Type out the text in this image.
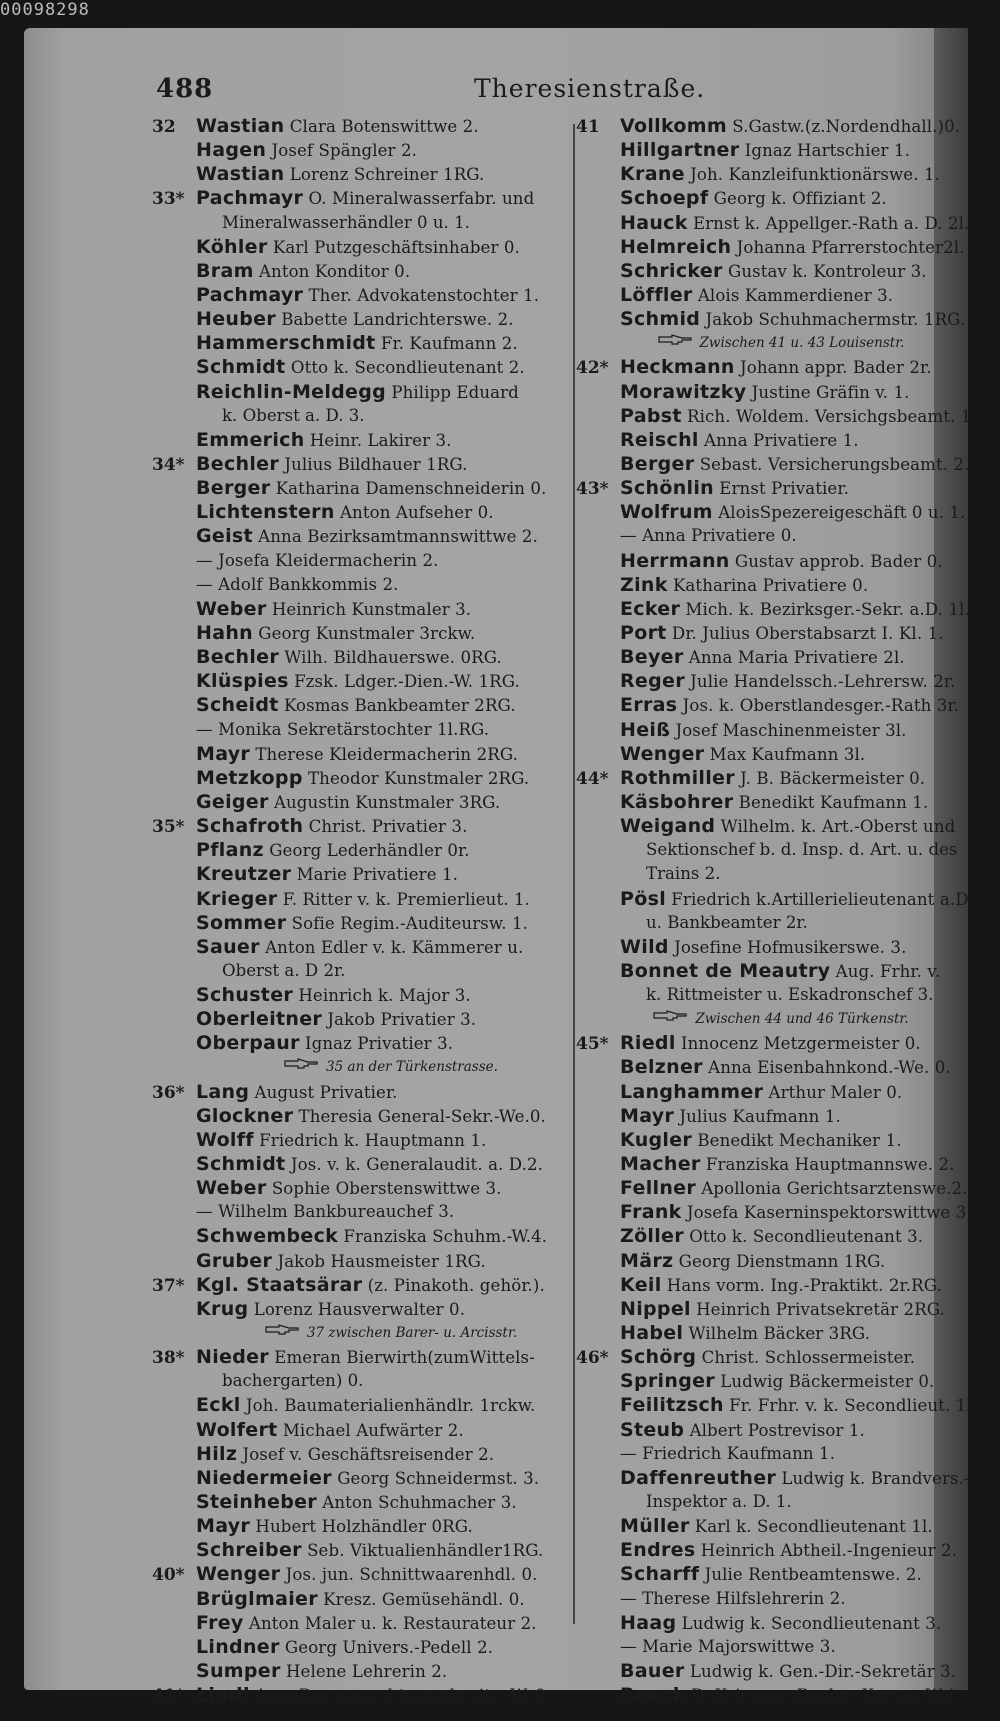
00098298
488	Theresienstraße.
32 Wastian Clara Botenswittwe 2.
Hagen Josef Spängler 2.
Wastian Lorenz Schreiner 1RG.
33* Pachmayr O. Mineralwasserfabr. und
Mineralwasserhändler 0 u. 1.
Köhler Karl Putzgeschäftsinhaber 0.
Bram Anton Konditor 0.
Pachmayr Ther. Advokatenstochter 1.
Heuber Babette Landrichterswe. 2.
Hammerschmidt Fr. Kaufmann 2.
Schmidt Otto k. Secondlieutenant 2.
Reichlin-Meldegg Philipp Eduard
k. Oberst a. D. 3.
Emmerich Heinr. Lakirer 3.
34* Bechler Julius Bildhauer 1RG.
Berger Katharina Damenschneiderin 0.
Lichtenstern Anton Aufseher 0.
Geist Anna Bezirksamtmannswittwe 2.
— Josefa Kleidermacherin 2.
— Adolf Bankkommis 2.
Weber Heinrich Kunstmaler 3.
Hahn Georg Kunstmaler 3rckw.
Bechler Wilh. Bildhauerswe. 0RG.
Klüspies Fzsk. Ldger.-Dien.-W. 1RG.
Scheidt Kosmas Bankbeamter 2RG.
— Monika Sekretärstochter 1l.RG.
Mayr Therese Kleidermacherin 2RG.
Metzkopp Theodor Kunstmaler 2RG.
Geiger Augustin Kunstmaler 3RG.
35* Schafroth Christ. Privatier 3.
Pflanz Georg Lederhändler 0r.
Kreutzer Marie Privatiere 1.
Krieger F. Ritter v. k. Premierlieut. 1.
Sommer Sofie Regim.-Auditeursw. 1.
Sauer Anton Edler v. k. Kämmerer u.
Oberst a. D 2r.
Schuster Heinrich k. Major 3.
Oberleitner Jakob Privatier 3.
Oberpaur Ignaz Privatier 3.
35 an der Türkenstrasse.
36* Lang August Privatier.
Glockner Theresia General-Sekr.-We.0.
Wolff Friedrich k. Hauptmann 1.
Schmidt Jos. v. k. Generalaudit. a. D.2.
Weber Sophie Oberstenswittwe 3.
— Wilhelm Bankbureauchef 3.
Schwembeck Franziska Schuhm.-W.4.
Gruber Jakob Hausmeister 1RG.
37* Kgl. Staatsärar (z. Pinakoth. gehör.).
Krug Lorenz Hausverwalter 0.
37 zwischen Barer- u. Arcisstr.
38* Nieder Emeran Bierwirth(zumWittels-
bachergarten) 0.
Eckl Joh. Baumaterialienhändlr. 1rckw.
Wolfert Michael Aufwärter 2.
Hilz Josef v. Geschäftsreisender 2.
Niedermeier Georg Schneidermst. 3.
Steinheber Anton Schuhmacher 3.
Mayr Hubert Holzhändler 0RG.
Schreiber Seb. Viktualienhändler1RG.
40* Wenger Jos. jun. Schnittwaarenhdl. 0.
Brüglmaier Kresz. Gemüsehändl. 0.
Frey Anton Maler u. k. Restaurateur 2.
Lindner Georg Univers.-Pedell 2.
Sumper Helene Lehrerin 2.
41* Lindl AnnaBraugerechtsamebesitz.-W. 0.
41 Vollkomm S.Gastw.(z.Nordendhall.)0.
Hillgartner Ignaz Hartschier 1.
Krane Joh. Kanzleifunktionärswe. 1.
Schoepf Georg k. Offiziant 2.
Hauck Ernst k. Appellger.-Rath a. D. 2l.
Helmreich Johanna Pfarrerstochter2l.
Schricker Gustav k. Kontroleur 3.
Löffler Alois Kammerdiener 3.
Schmid Jakob Schuhmachermstr. 1RG.
Zwischen 41 u. 43 Louisenstr.
42* Heckmann Johann appr. Bader 2r.
Morawitzky Justine Gräfin v. 1.
Pabst Rich. Woldem. Versichgsbeamt. 1.
Reischl Anna Privatiere 1.
Berger Sebast. Versicherungsbeamt. 2.
43* Schönlin Ernst Privatier.
Wolfrum AloisSpezereigeschäft 0 u. 1.
— Anna Privatiere 0.
Herrmann Gustav approb. Bader 0.
Zink Katharina Privatiere 0.
Ecker Mich. k. Bezirksger.-Sekr. a.D. 1l.
Port Dr. Julius Oberstabsarzt I. Kl. 1.
Beyer Anna Maria Privatiere 2l.
Reger Julie Handelssch.-Lehrersw. 2r.
Erras Jos. k. Oberstlandesger.-Rath 3r.
Heiß Josef Maschinenmeister 3l.
Wenger Max Kaufmann 3l.
44* Rothmiller J. B. Bäckermeister 0.
Käsbohrer Benedikt Kaufmann 1.
Weigand Wilhelm. k. Art.-Oberst und
Sektionschef b. d. Insp. d. Art. u. des
Trains 2.
Pösl Friedrich k.Artillerielieutenant a.D.
u. Bankbeamter 2r.
Wild Josefine Hofmusikerswe. 3.
Bonnet de Meautry Aug. Frhr. v.
k. Rittmeister u. Eskadronschef 3.
Zwischen 44 und 46 Türkenstr.
45* Riedl Innocenz Metzgermeister 0.
Belzner Anna Eisenbahnkond.-We. 0.
Langhammer Arthur Maler 0.
Mayr Julius Kaufmann 1.
Kugler Benedikt Mechaniker 1.
Macher Franziska Hauptmannswe. 2.
Fellner Apollonia Gerichtsarztenswe.2.
Frank Josefa Kaserninspektorswittwe 3.
Zöller Otto k. Secondlieutenant 3.
März Georg Dienstmann 1RG.
Keil Hans vorm. Ing.-Praktikt. 2r.RG.
Nippel Heinrich Privatsekretär 2RG.
Habel Wilhelm Bäcker 3RG.
46* Schörg Christ. Schlossermeister.
Springer Ludwig Bäckermeister 0.
Feilitzsch Fr. Frhr. v. k. Secondlieut. 1l.
Steub Albert Postrevisor 1.
— Friedrich Kaufmann 1.
Daffenreuther Ludwig k. Brandvers.-
Inspektor a. D. 1.
Müller Karl k. Secondlieutenant 1l.
Endres Heinrich Abtheil.-Ingenieur 2.
Scharff Julie Rentbeamtenswe. 2.
— Therese Hilfslehrerin 2.
Haag Ludwig k. Secondlieutenant 3.
— Marie Majorswittwe 3.
Bauer Ludwig k. Gen.-Dir.-Sekretär 3.
Boeck D. Kriegsm.-Rechn.-Komm.-W.4.
